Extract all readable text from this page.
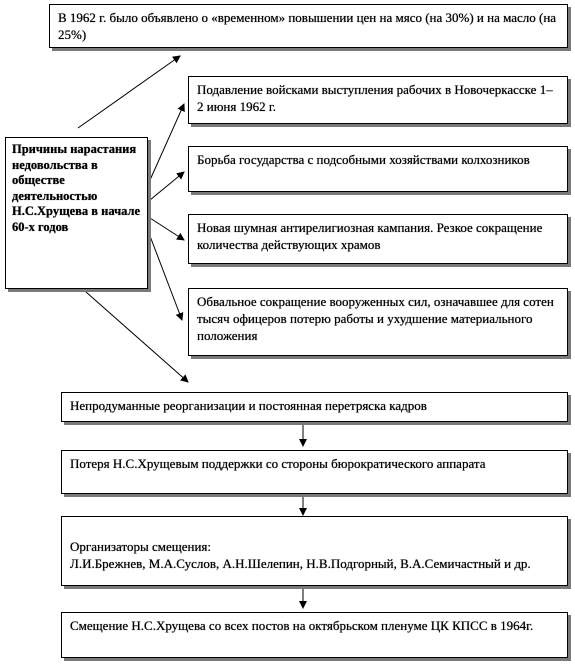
В 1962 г. было объявлено о «временном» повышении цен на мясо (на 30%) и на масло (на 25%)
Причины нарастания недовольства в обществе деятельностью Н.С.Хрущева в начале 60-х годов
Подавление войсками выступления рабочих в Новочеркасске 1–2 июня 1962 г.
Борьба государства с подсобными хозяйствами колхозников
Новая шумная антирелигиозная кампания. Резкое сокращение количества действующих храмов
Обвальное сокращение вооруженных сил, означавшее для сотен тысяч офицеров потерю работы и ухудшение материального положения
Непродуманные реорганизации и постоянная перетряска кадров
Потеря Н.С.Хрущевым поддержки со стороны бюрократического аппарата

Организаторы смещения:
Л.И.Брежнев, М.А.Суслов, А.Н.Шелепин, Н.В.Подгорный, В.А.Семичастный и др.

Смещение Н.С.Хрущева со всех постов на октябрьском пленуме ЦК КПСС в 1964г.
